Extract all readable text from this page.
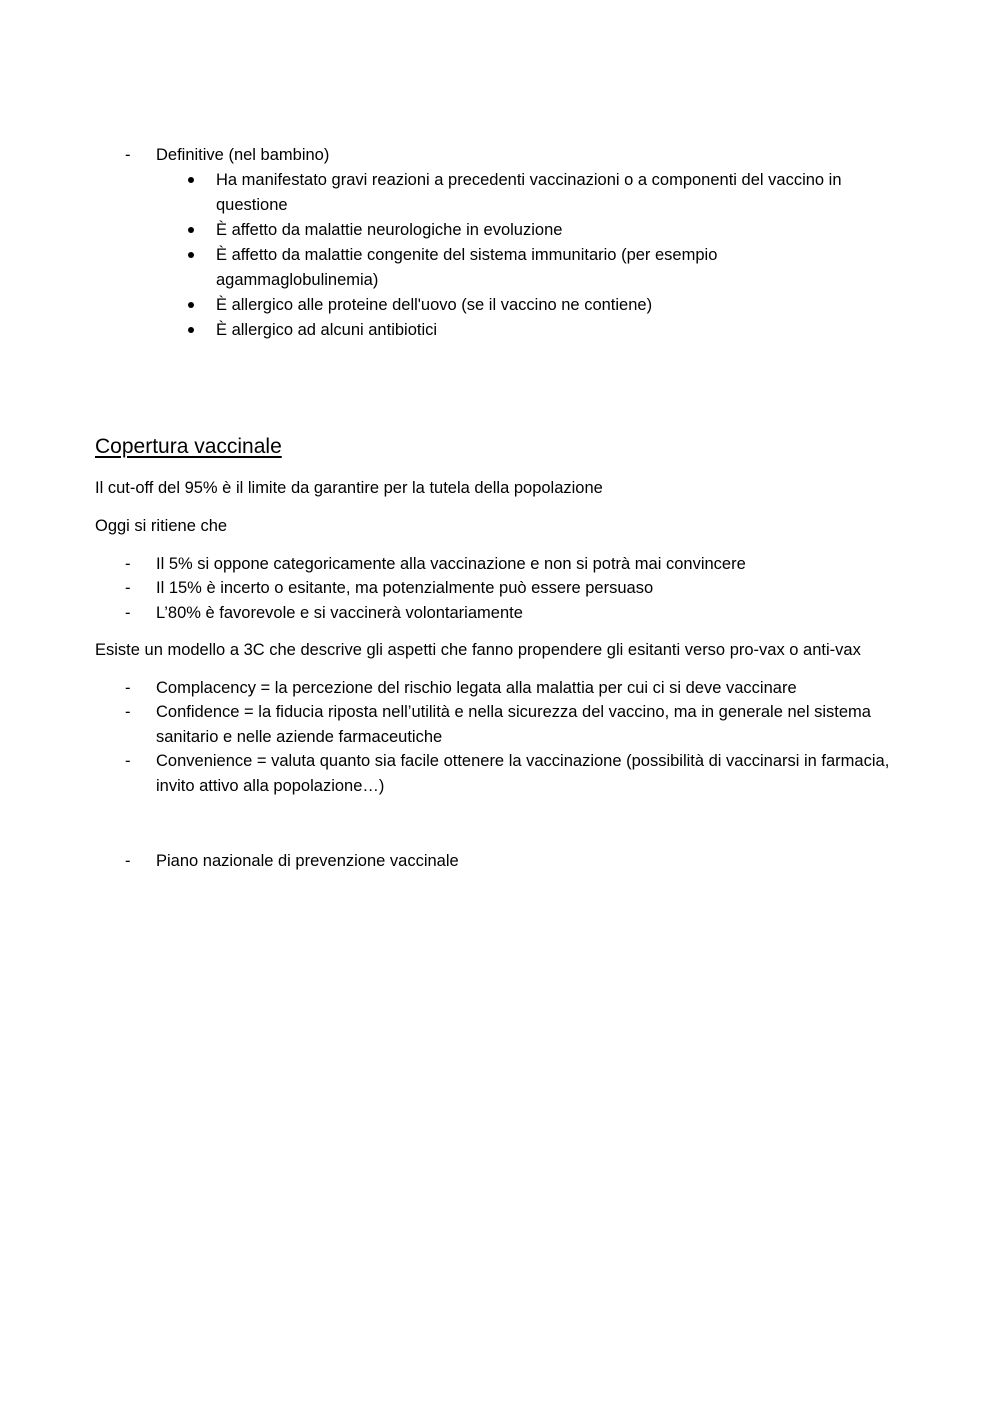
- Definitive (nel bambino)
Ha manifestato gravi reazioni a precedenti vaccinazioni o a componenti del vaccino in
questione
È affetto da malattie neurologiche in evoluzione
È affetto da malattie congenite del sistema immunitario (per esempio
agammaglobulinemia)
È allergico alle proteine dell'uovo (se il vaccino ne contiene)
È allergico ad alcuni antibiotici
Copertura vaccinale
Il cut-off del 95% è il limite da garantire per la tutela della popolazione
Oggi si ritiene che
- Il 5% si oppone categoricamente alla vaccinazione e non si potrà mai convincere
- Il 15% è incerto o esitante, ma potenzialmente può essere persuaso
- L’80% è favorevole e si vaccinerà volontariamente
Esiste un modello a 3C che descrive gli aspetti che fanno propendere gli esitanti verso pro-vax o anti-vax
- Complacency = la percezione del rischio legata alla malattia per cui ci si deve vaccinare
- Confidence = la fiducia riposta nell’utilità e nella sicurezza del vaccino, ma in generale nel sistema
sanitario e nelle aziende farmaceutiche
- Convenience = valuta quanto sia facile ottenere la vaccinazione (possibilità di vaccinarsi in farmacia,
invito attivo alla popolazione…)
- Piano nazionale di prevenzione vaccinale
